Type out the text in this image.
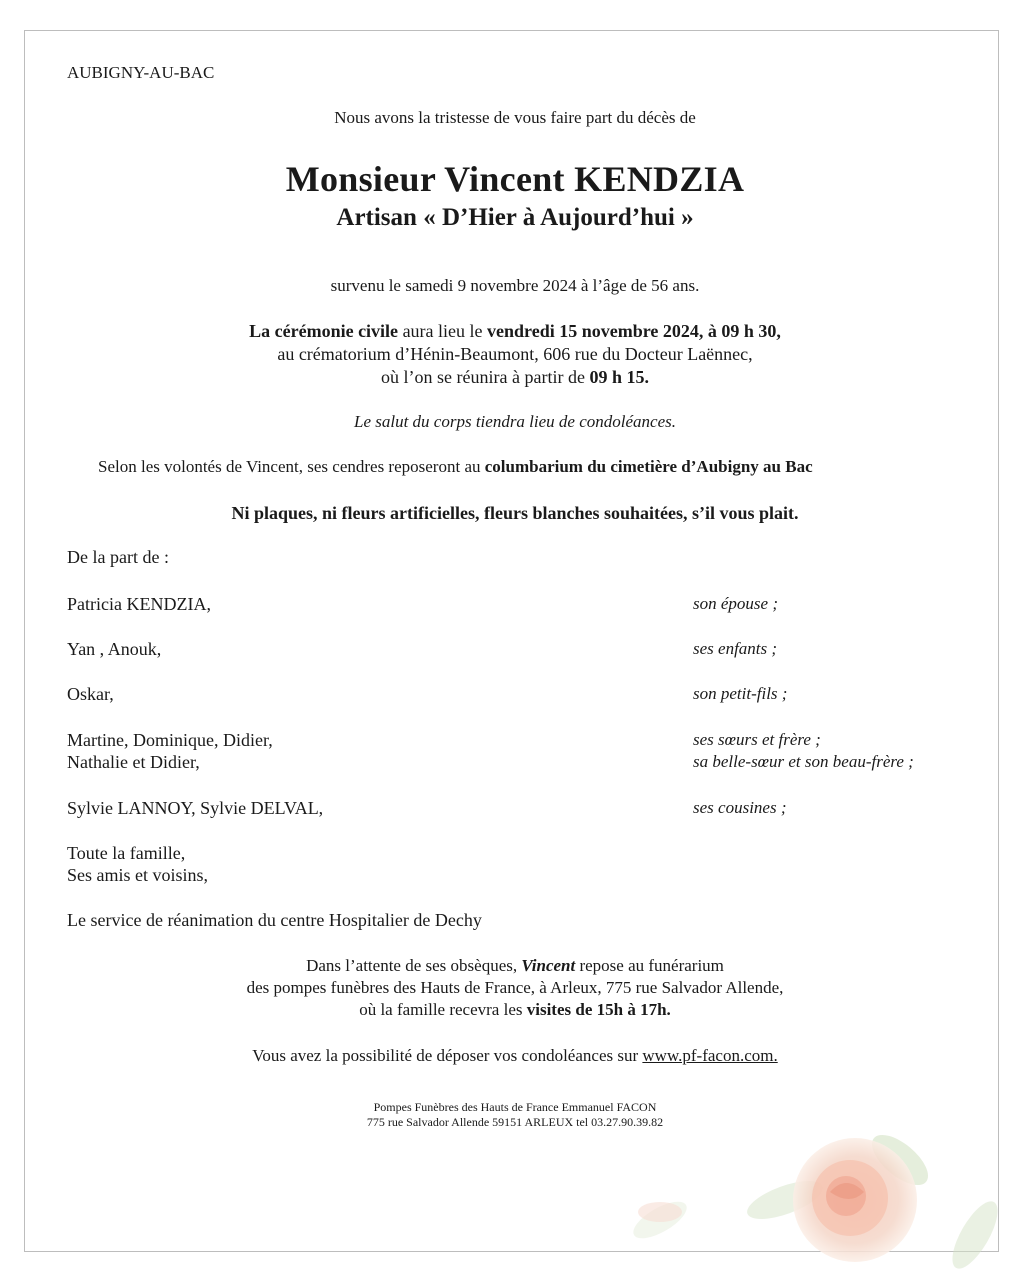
AUBIGNY-AU-BAC
Nous avons la tristesse de vous faire part du décès de
Monsieur Vincent KENDZIA
Artisan « D’Hier à Aujourd’hui »
survenu le samedi 9 novembre 2024 à l’âge de 56 ans.
La cérémonie civile aura lieu le vendredi 15 novembre 2024, à 09 h 30,
au crématorium d’Hénin-Beaumont, 606 rue du Docteur Laënnec,
où l’on se réunira à partir de 09 h 15.
Le salut du corps tiendra lieu de condoléances.
Selon les volontés de Vincent, ses cendres reposeront au columbarium du cimetière d’Aubigny au Bac
Ni plaques, ni fleurs artificielles, fleurs blanches souhaitées, s’il vous plait.
De la part de :
Patricia KENDZIA,	son épouse ;
Yan , Anouk,	ses enfants ;
Oskar,	son petit-fils ;
Martine, Dominique, Didier,	ses sœurs et frère ;
Nathalie et Didier,	sa belle-sœur et son beau-frère ;
Sylvie LANNOY, Sylvie DELVAL,	ses cousines ;
Toute la famille,
Ses amis et voisins,
Le service de réanimation du centre Hospitalier de Dechy
Dans l’attente de ses obsèques, Vincent repose au funérarium
des pompes funèbres des Hauts de France, à Arleux, 775 rue Salvador Allende,
où la famille recevra les visites de 15h à 17h.
Vous avez la possibilité de déposer vos condoléances sur www.pf-facon.com.
Pompes Funèbres des Hauts de France Emmanuel FACON
775 rue Salvador Allende 59151 ARLEUX tel 03.27.90.39.82
